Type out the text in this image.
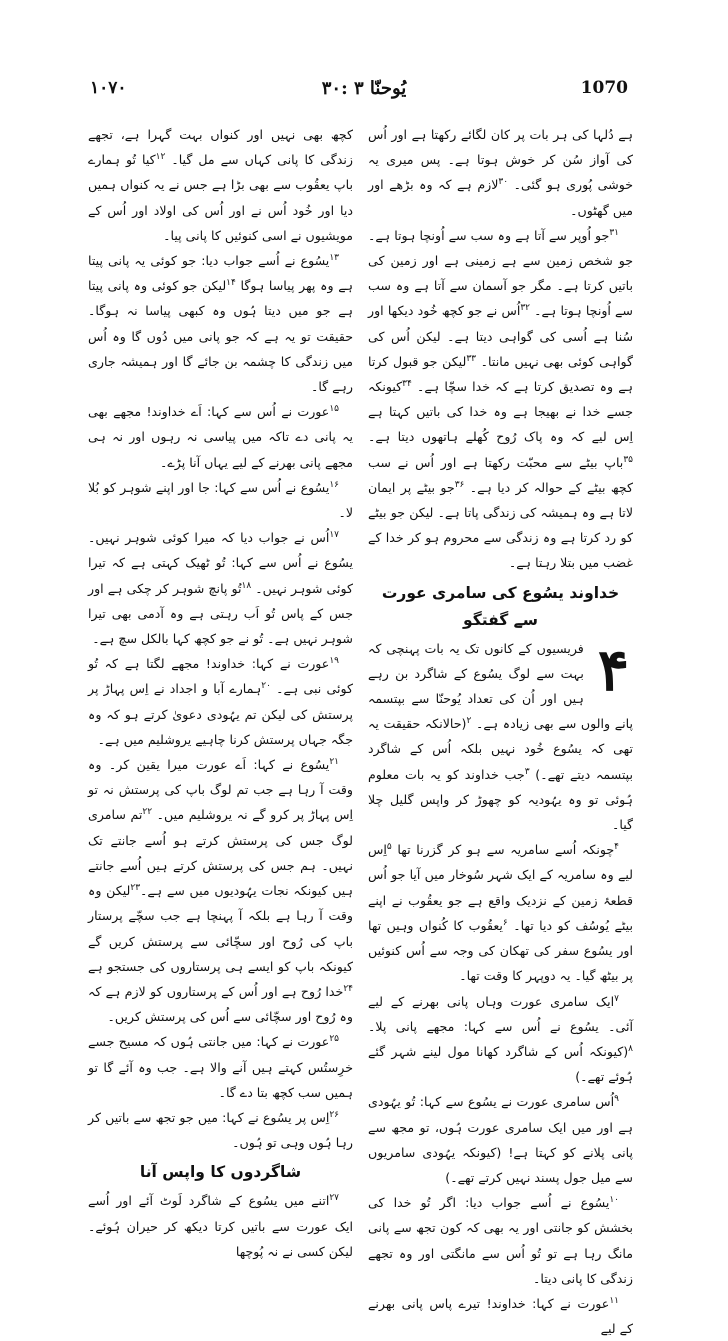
۱۰۷۰	یُوحنّا ۳ :۳۰	1070

ہے دُلہا کی ہر بات پر کان لگائے رکھتا ہے اور اُس کی آواز سُن کر خوش ہوتا ہے۔ پس میری یہ خوشی پُوری ہو گئی۔ $^{۳۰}$لازم ہے کہ وہ بڑھے اور میں گھٹوں۔

$^{۳۱}$جو اُوپر سے آتا ہے وہ سب سے اُونچا ہوتا ہے۔ جو شخص زمین سے ہے زمینی ہے اور زمین کی باتیں کرتا ہے۔ مگر جو آسمان سے آتا ہے وہ سب سے اُونچا ہوتا ہے۔ $^{۳۲}$اُس نے جو کچھ خُود دیکھا اور سُنا ہے اُسی کی گواہی دیتا ہے۔ لیکن اُس کی گواہی کوئی بھی نہیں مانتا۔ $^{۳۳}$لیکن جو قبول کرتا ہے وہ تصدیق کرتا ہے کہ خدا سچّا ہے۔ $^{۳۴}$کیونکہ جسے خدا نے بھیجا ہے وہ خدا کی باتیں کہتا ہے اِس لیے کہ وہ پاک رُوح کُھلے ہاتھوں دیتا ہے۔ $^{۳۵}$باپ بیٹے سے محبّت رکھتا ہے اور اُس نے سب کچھ بیٹے کے حوالہ کر دیا ہے۔ $^{۳۶}$جو بیٹے پر ایمان لاتا ہے وہ ہمیشہ کی زندگی پاتا ہے۔ لیکن جو بیٹے کو رد کرتا ہے وہ زندگی سے محروم ہو کر خدا کے غضب میں بتلا رہتا ہے۔

خداوند یسُوع کی سامری عورت سے گفتگو
۴

فریسیوں کے کانوں تک یہ بات پہنچی کہ بہت سے لوگ یسُوع کے شاگرد بن رہے ہیں اور اُن کی تعداد یُوحنّا سے بپتسمہ پانے والوں سے بھی زیادہ ہے۔ $^۲$(حالانکہ حقیقت یہ تھی کہ یسُوع خُود نہیں بلکہ اُس کے شاگرد بپتسمہ دیتے تھے۔) $^۳$جب خداوند کو یہ بات معلوم ہُوئی تو وہ یہُودیہ کو چھوڑ کر واپس گلیل چلا گیا۔

$^۴$چونکہ اُسے سامریہ سے ہو کر گزرنا تھا $^۵$اِس لیے وہ سامریہ کے ایک شہر سُوخار میں آیا جو اُس قطعۂ زمین کے نزدیک واقع ہے جو یعقُوب نے اپنے بیٹے یُوسُف کو دیا تھا۔ $^۶$یعقُوب کا کُنواں وہیں تھا اور یسُوع سفر کی تھکان کی وجہ سے اُس کنوئیں پر بیٹھ گیا۔ یہ دوپہر کا وقت تھا۔

$^۷$ایک سامری عورت وہاں پانی بھرنے کے لیے آئی۔ یسُوع نے اُس سے کہا: مجھے پانی پلا۔ $^۸$(کیونکہ اُس کے شاگرد کھانا مول لینے شہر گئے ہُوئے تھے۔)

$^۹$اُس سامری عورت نے یسُوع سے کہا: تُو یہُودی ہے اور میں ایک سامری عورت ہُوں، تو مجھ سے پانی پلانے کو کہتا ہے! (کیونکہ یہُودی سامریوں سے میل جول پسند نہیں کرتے تھے۔)

$^{۱۰}$یسُوع نے اُسے جواب دیا: اگر تُو خدا کی بخشش کو جانتی اور یہ بھی کہ کون تجھ سے پانی مانگ رہا ہے تو تُو اُس سے مانگتی اور وہ تجھے زندگی کا پانی دیتا۔

$^{۱۱}$عورت نے کہا: خداوند! تیرے پاس پانی بھرنے کے لیے

کچھ بھی نہیں اور کنواں بہت گہرا ہے، تجھے زندگی کا پانی کہاں سے مل گیا۔ $^{۱۲}$کیا تُو ہمارے باپ یعقُوب سے بھی بڑا ہے جس نے یہ کنواں ہمیں دیا اور خُود اُس نے اور اُس کی اولاد اور اُس کے مویشیوں نے اسی کنوئیں کا پانی پیا۔

$^{۱۳}$یسُوع نے اُسے جواب دیا: جو کوئی یہ پانی پیتا ہے وہ پھر پیاسا ہوگا $^{۱۴}$لیکن جو کوئی وہ پانی پیتا ہے جو میں دیتا ہُوں وہ کبھی پیاسا نہ ہوگا۔ حقیقت تو یہ ہے کہ جو پانی میں دُوں گا وہ اُس میں زندگی کا چشمہ بن جائے گا اور ہمیشہ جاری رہے گا۔

$^{۱۵}$عورت نے اُس سے کہا: اَے خداوند! مجھے بھی یہ پانی دے تاکہ میں پیاسی نہ رہوں اور نہ ہی مجھے پانی بھرنے کے لیے یہاں آنا پڑے۔

$^{۱۶}$یسُوع نے اُس سے کہا: جا اور اپنے شوہر کو بُلا لا۔

$^{۱۷}$اُس نے جواب دیا کہ میرا کوئی شوہر نہیں۔ یسُوع نے اُس سے کہا: تُو ٹھیک کہتی ہے کہ تیرا کوئی شوہر نہیں۔ $^{۱۸}$تُو پانچ شوہر کر چکی ہے اور جس کے پاس تُو اَب رہتی ہے وہ آدمی بھی تیرا شوہر نہیں ہے۔ تُو نے جو کچھ کہا بالکل سچ ہے۔

$^{۱۹}$عورت نے کہا: خداوند! مجھے لگتا ہے کہ تُو کوئی نبی ہے۔ $^{۲۰}$ہمارے آبا و اجداد نے اِس پہاڑ پر پرستش کی لیکن تم یہُودی دعویٰ کرتے ہو کہ وہ جگہ جہاں پرستش کرنا چاہیے یروشلیم میں ہے۔

$^{۲۱}$یسُوع نے کہا: اَے عورت میرا یقین کر۔ وہ وقت آ رہا ہے جب تم لوگ باپ کی پرستش نہ تو اِس پہاڑ پر کرو گے نہ یروشلیم میں۔ $^{۲۲}$تم سامری لوگ جس کی پرستش کرتے ہو اُسے جانتے تک نہیں۔ ہم جس کی پرستش کرتے ہیں اُسے جانتے ہیں کیونکہ نجات یہُودیوں میں سے ہے۔$^{۲۳}$لیکن وہ وقت آ رہا ہے بلکہ آ پہنچا ہے جب سچّے پرستار باپ کی رُوح اور سچّائی سے پرستش کریں گے کیونکہ باپ کو ایسے ہی پرستاروں کی جستجو ہے $^{۲۴}$خدا رُوح ہے اور اُس کے پرستاروں کو لازم ہے کہ وہ رُوح اور سچّائی سے اُس کی پرستش کریں۔

$^{۲۵}$عورت نے کہا: میں جانتی ہُوں کہ مسیح جسے خرِستُس کہتے ہیں آنے والا ہے۔ جب وہ آئے گا تو ہمیں سب کچھ بتا دے گا۔

$^{۲۶}$اِس پر یسُوع نے کہا: میں جو تجھ سے باتیں کر رہا ہُوں وہی تو ہُوں۔

شاگردوں کا واپس آنا

$^{۲۷}$اتنے میں یسُوع کے شاگرد لَوٹ آئے اور اُسے ایک عورت سے باتیں کرتا دیکھ کر حیران ہُوئے۔ لیکن کسی نے نہ پُوچھا
